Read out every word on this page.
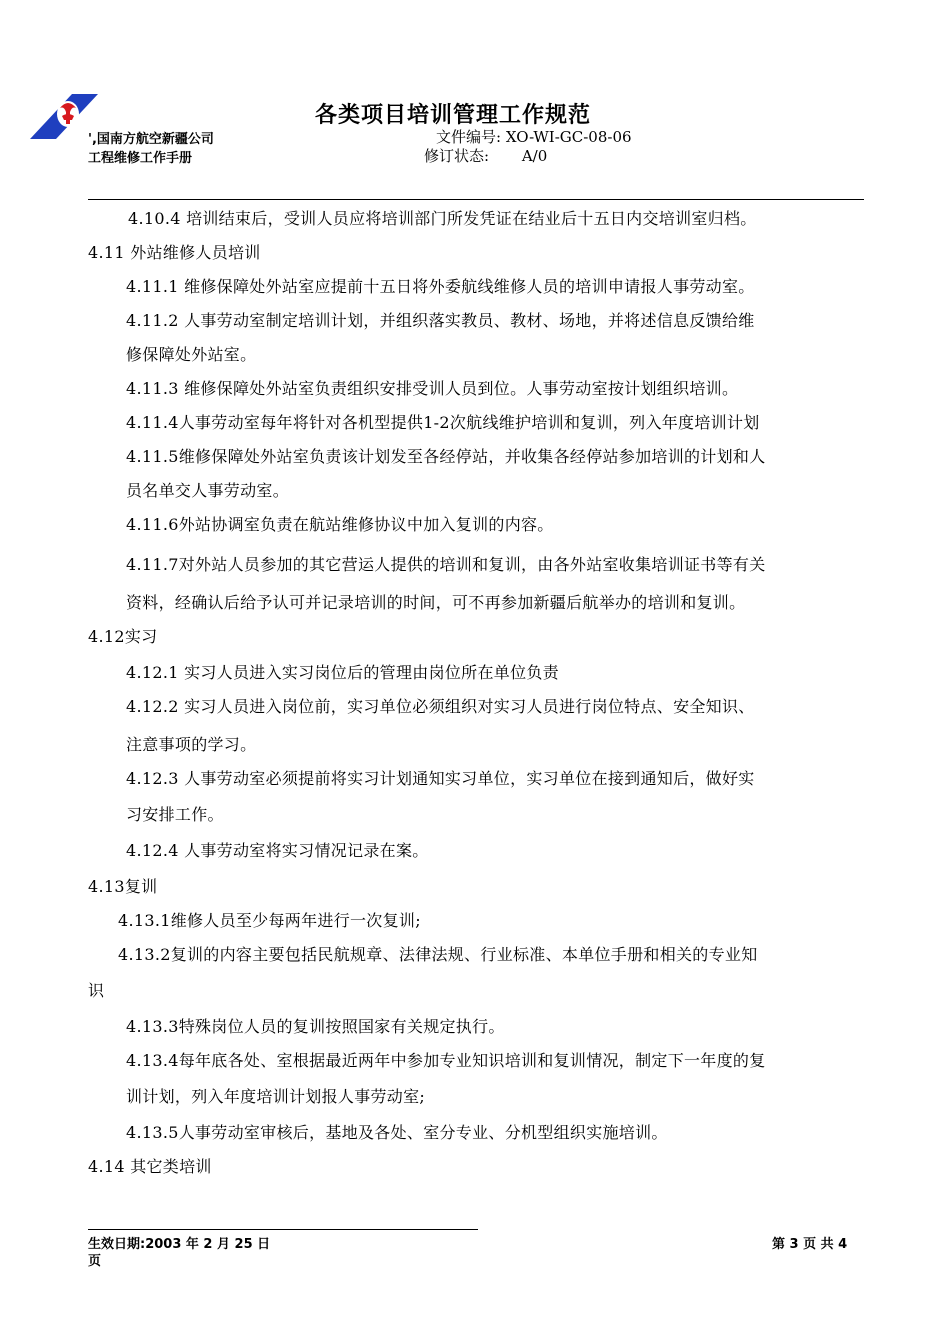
各类项目培训管理工作规范
',国南方航空新疆公司
工程维修工作手册
文件编号: XO-WI-GC-08-06
修订状态: A/0
4.10.4 培训结束后，受训人员应将培训部门所发凭证在结业后十五日内交培训室归档。
4.11 外站维修人员培训
4.11.1 维修保障处外站室应提前十五日将外委航线维修人员的培训申请报人事劳动室。
4.11.2 人事劳动室制定培训计划，并组织落实教员、教材、场地，并将述信息反馈给维
修保障处外站室。
4.11.3 维修保障处外站室负责组织安排受训人员到位。人事劳动室按计划组织培训。
4.11.4人事劳动室每年将针对各机型提供1-2次航线维护培训和复训，列入年度培训计划
4.11.5维修保障处外站室负责该计划发至各经停站，并收集各经停站参加培训的计划和人
员名单交人事劳动室。
4.11.6外站协调室负责在航站维修协议中加入复训的内容。
4.11.7对外站人员参加的其它营运人提供的培训和复训，由各外站室收集培训证书等有关
资料，经确认后给予认可并记录培训的时间，可不再参加新疆后航举办的培训和复训。
4.12实习
4.12.1 实习人员进入实习岗位后的管理由岗位所在单位负责
4.12.2 实习人员进入岗位前，实习单位必须组织对实习人员进行岗位特点、安全知识、
注意事项的学习。
4.12.3 人事劳动室必须提前将实习计划通知实习单位，实习单位在接到通知后，做好实
习安排工作。
4.12.4 人事劳动室将实习情况记录在案。
4.13复训
4.13.1维修人员至少每两年进行一次复训;
4.13.2复训的内容主要包括民航规章、法律法规、行业标准、本单位手册和相关的专业知
识
4.13.3特殊岗位人员的复训按照国家有关规定执行。
4.13.4每年底各处、室根据最近两年中参加专业知识培训和复训情况，制定下一年度的复
训计划，列入年度培训计划报人事劳动室;
4.13.5人事劳动室审核后，基地及各处、室分专业、分机型组织实施培训。
4.14 其它类培训
生效日期:2003 年 2 月 25 日	第 3 页 共 4
页
